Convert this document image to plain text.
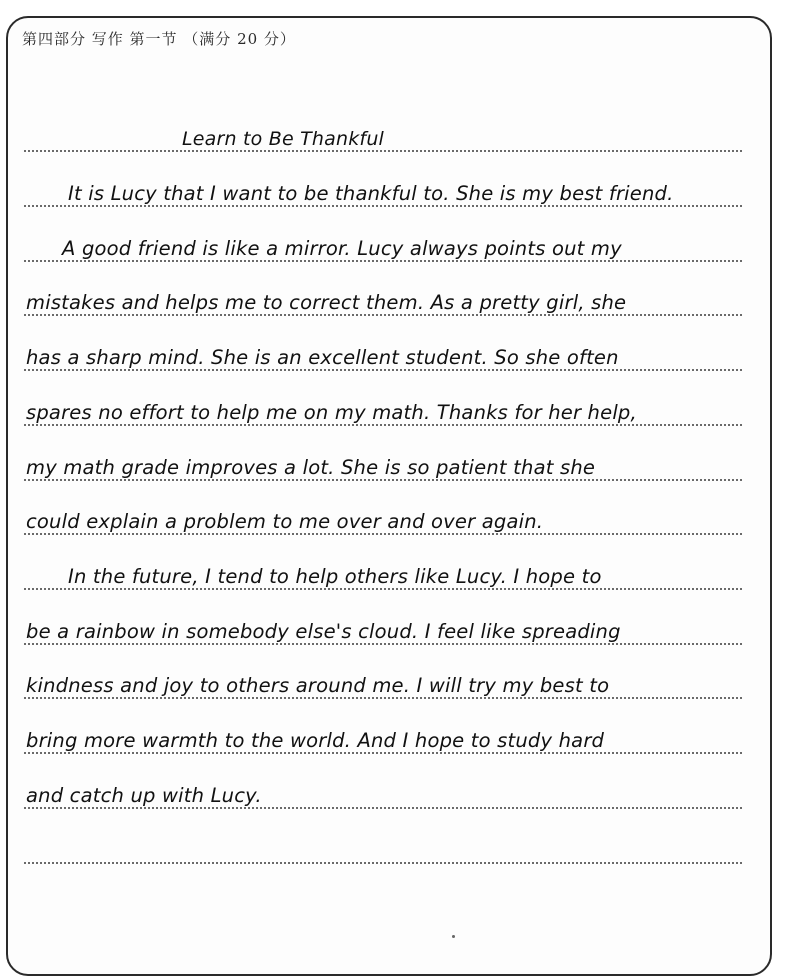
第四部分 写作 第一节 （满分 20 分）
Learn to Be Thankful
It is Lucy that I want to be thankful to. She is my best friend.
A good friend is like a mirror. Lucy always points out my
mistakes and helps me to correct them. As a pretty girl, she
has a sharp mind. She is an excellent student. So she often
spares no effort to help me on my math. Thanks for her help,
my math grade improves a lot. She is so patient that she
could explain a problem to me over and over again.
In the future, I tend to help others like Lucy. I hope to
be a rainbow in somebody else's cloud. I feel like spreading
kindness and joy to others around me. I will try my best to
bring more warmth to the world. And I hope to study hard
and catch up with Lucy.
